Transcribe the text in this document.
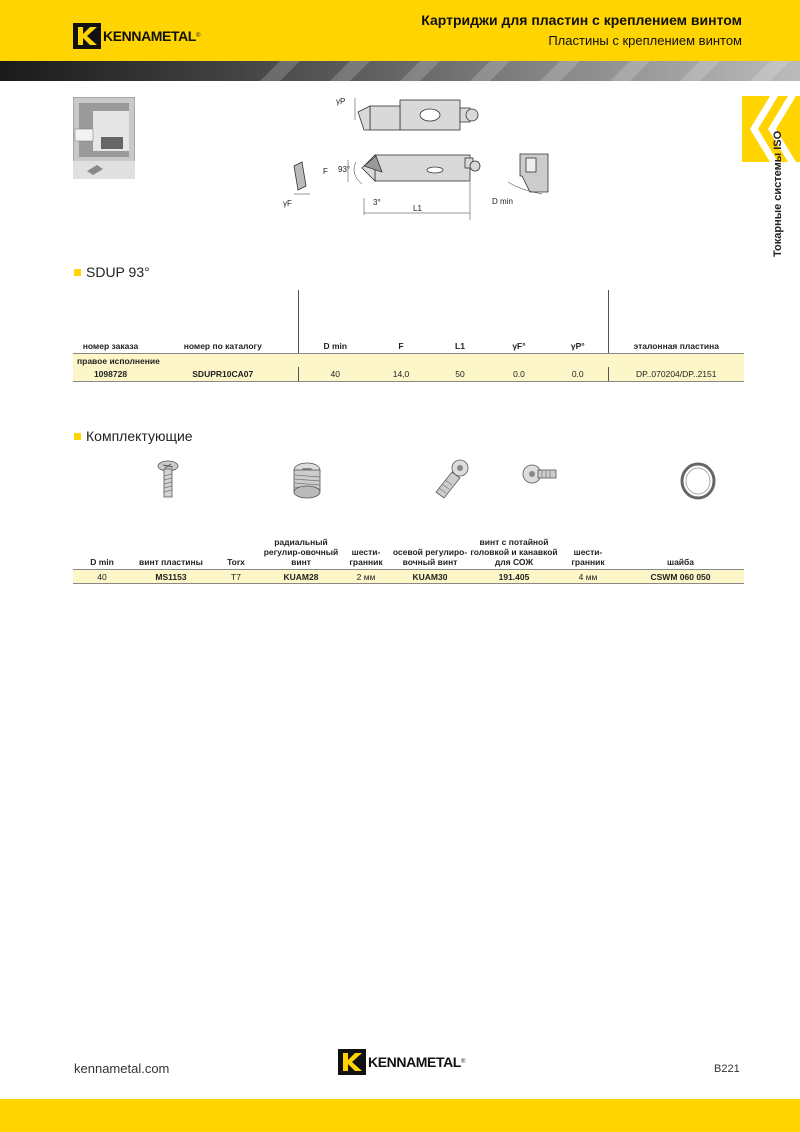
KENNAMETAL ®
Картриджи для пластин с креплением винтом
Пластины с креплением винтом
Токарные системы ISO
γP
93°
F
γF	3°
L1
D min
SDUP 93°
номер заказа	номер по каталогу	D min	F	L1	γF°	γP°	эталонная пластина
правое исполнение							
1098728	SDUPR10CA07	40	14,0	50	0.0	0.0	DP..070204/DP..2151
Комплектующие
D min	винт пластины	Torx	радиальный регулир-овочный винт	шести-гранник	осевой регулиро-вочный винт	винт с потайной головкой и канавкой для СОЖ	шести-гранник	шайба
40	MS1153	T7	KUAM28	2 мм	KUAM30	191.405	4 мм	CSWM 060 050
kennametal.com	KENNAMETAL ®
B221
